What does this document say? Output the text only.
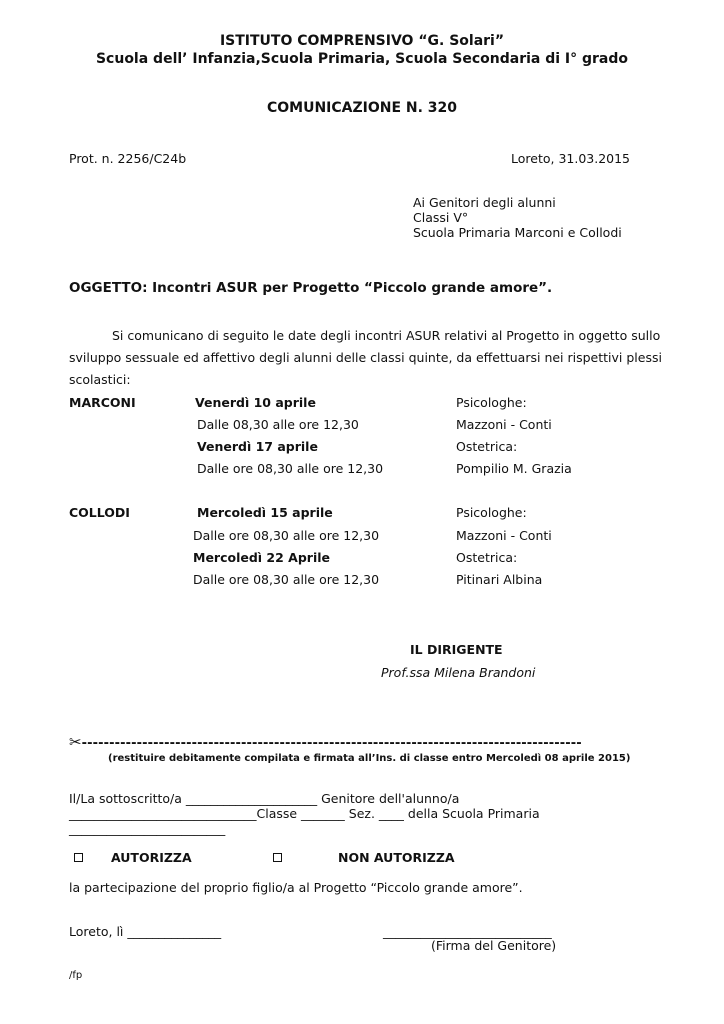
ISTITUTO COMPRENSIVO “G. Solari”
Scuola dell’ Infanzia,Scuola Primaria, Scuola Secondaria di I° grado
COMUNICAZIONE N. 320
Prot. n. 2256/C24b	Loreto, 31.03.2015
Ai Genitori degli alunni
Classi V°
Scuola Primaria Marconi e Collodi
OGGETTO: Incontri ASUR per Progetto “Piccolo grande amore”.
Si comunicano di seguito le date degli incontri ASUR relativi al Progetto in oggetto sullo
sviluppo sessuale ed affettivo degli alunni delle classi quinte, da effettuarsi nei rispettivi plessi
scolastici:
MARCONI	Venerdì 10 aprile	Psicologhe:
Dalle 08,30 alle ore 12,30	Mazzoni - Conti
Venerdì 17 aprile	Ostetrica:
Dalle ore 08,30 alle ore 12,30	Pompilio M. Grazia
COLLODI	Mercoledì 15 aprile	Psicologhe:
Dalle ore 08,30 alle ore 12,30	Mazzoni - Conti
Mercoledì 22 Aprile	Ostetrica:
Dalle ore 08,30 alle ore 12,30	Pitinari Albina
IL DIRIGENTE
Prof.ssa Milena Brandoni
✂-------------------------------------------------------------------------------------------
(restituire debitamente compilata e firmata all’Ins. di classe entro Mercoledì 08 aprile 2015)
Il/La sottoscritto/a _____________________ Genitore dell'alunno/a
______________________________Classe _______ Sez. ____ della Scuola Primaria
_________________________
AUTORIZZA	NON AUTORIZZA
la partecipazione del proprio figlio/a al Progetto “Piccolo grande amore”.
Loreto, lì _______________	___________________________
(Firma del Genitore)
/fp
